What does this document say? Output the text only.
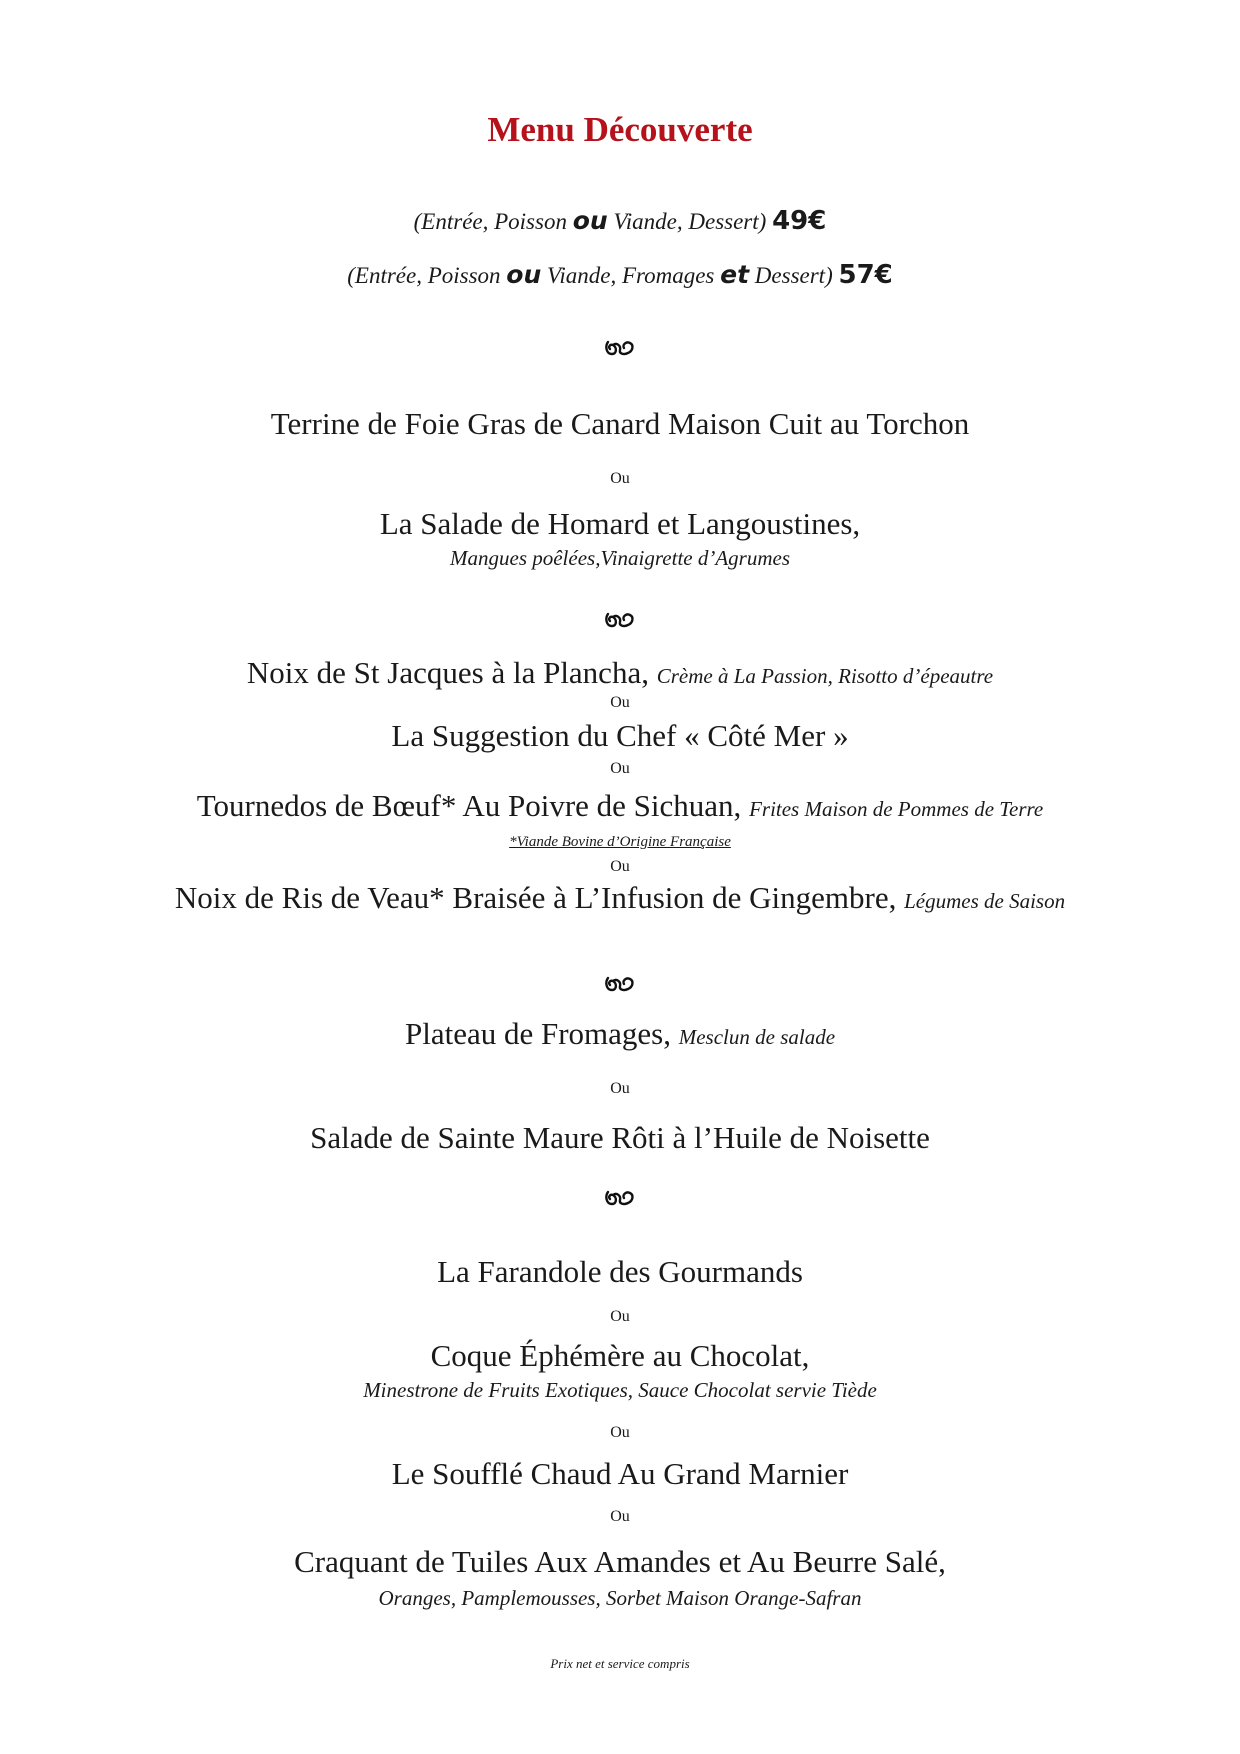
Menu Découverte
(Entrée, Poisson ou Viande, Dessert) 49€
(Entrée, Poisson ou Viande, Fromages et Dessert) 57€
Terrine de Foie Gras de Canard Maison Cuit au Torchon
Ou
La Salade de Homard et Langoustines,
Mangues poêlées,Vinaigrette d’Agrumes
Noix de St Jacques à la Plancha, Crème à La Passion, Risotto d’épeautre
Ou
La Suggestion du Chef « Côté Mer »
Ou
Tournedos de Bœuf* Au Poivre de Sichuan, Frites Maison de Pommes de Terre
*Viande Bovine d’Origine Française
Ou
Noix de Ris de Veau* Braisée à L’Infusion de Gingembre, Légumes de Saison
Plateau de Fromages, Mesclun de salade
Ou
Salade de Sainte Maure Rôti à l’Huile de Noisette
La Farandole des Gourmands
Ou
Coque Éphémère au Chocolat,
Minestrone de Fruits Exotiques, Sauce Chocolat servie Tiède
Ou
Le Soufflé Chaud Au Grand Marnier
Ou
Craquant de Tuiles Aux Amandes et Au Beurre Salé,
Oranges, Pamplemousses, Sorbet Maison Orange-Safran
Prix net et service compris
